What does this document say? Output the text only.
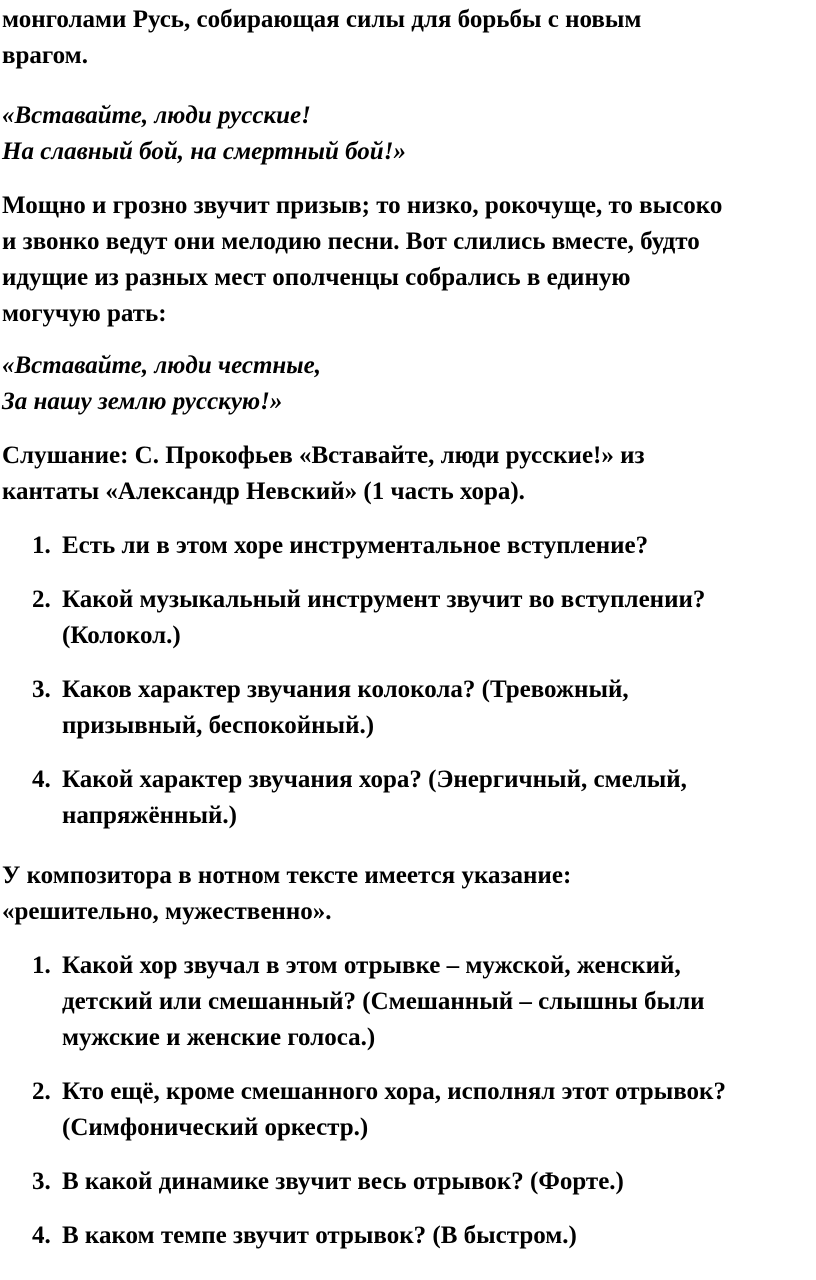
монголами Русь, собирающая силы для борьбы с новым
врагом.

«Вставайте, люди русские!
На славный бой, на смертный бой!»

Мощно и грозно звучит призыв; то низко, рокочуще, то высоко
и звонко ведут они мелодию песни. Вот слились вместе, будто
идущие из разных мест ополченцы собрались в единую
могучую рать:

«Вставайте, люди честные,
За нашу землю русскую!»

Слушание: С. Прокофьев «Вставайте, люди русские!» из
кантаты «Александр Невский» (1 часть хора).

1. Есть ли в этом хоре инструментальное вступление?
2. Какой музыкальный инструмент звучит во вступлении?
(Колокол.)
3. Каков характер звучания колокола? (Тревожный,
призывный, беспокойный.)
4. Какой характер звучания хора? (Энергичный, смелый,
напряжённый.)

У композитора в нотном тексте имеется указание:
«решительно, мужественно».

1. Какой хор звучал в этом отрывке – мужской, женский,
детский или смешанный? (Смешанный – слышны были
мужские и женские голоса.)
2. Кто ещё, кроме смешанного хора, исполнял этот отрывок?
(Симфонический оркестр.)
3. В какой динамике звучит весь отрывок? (Форте.)
4. В каком темпе звучит отрывок? (В быстром.)
